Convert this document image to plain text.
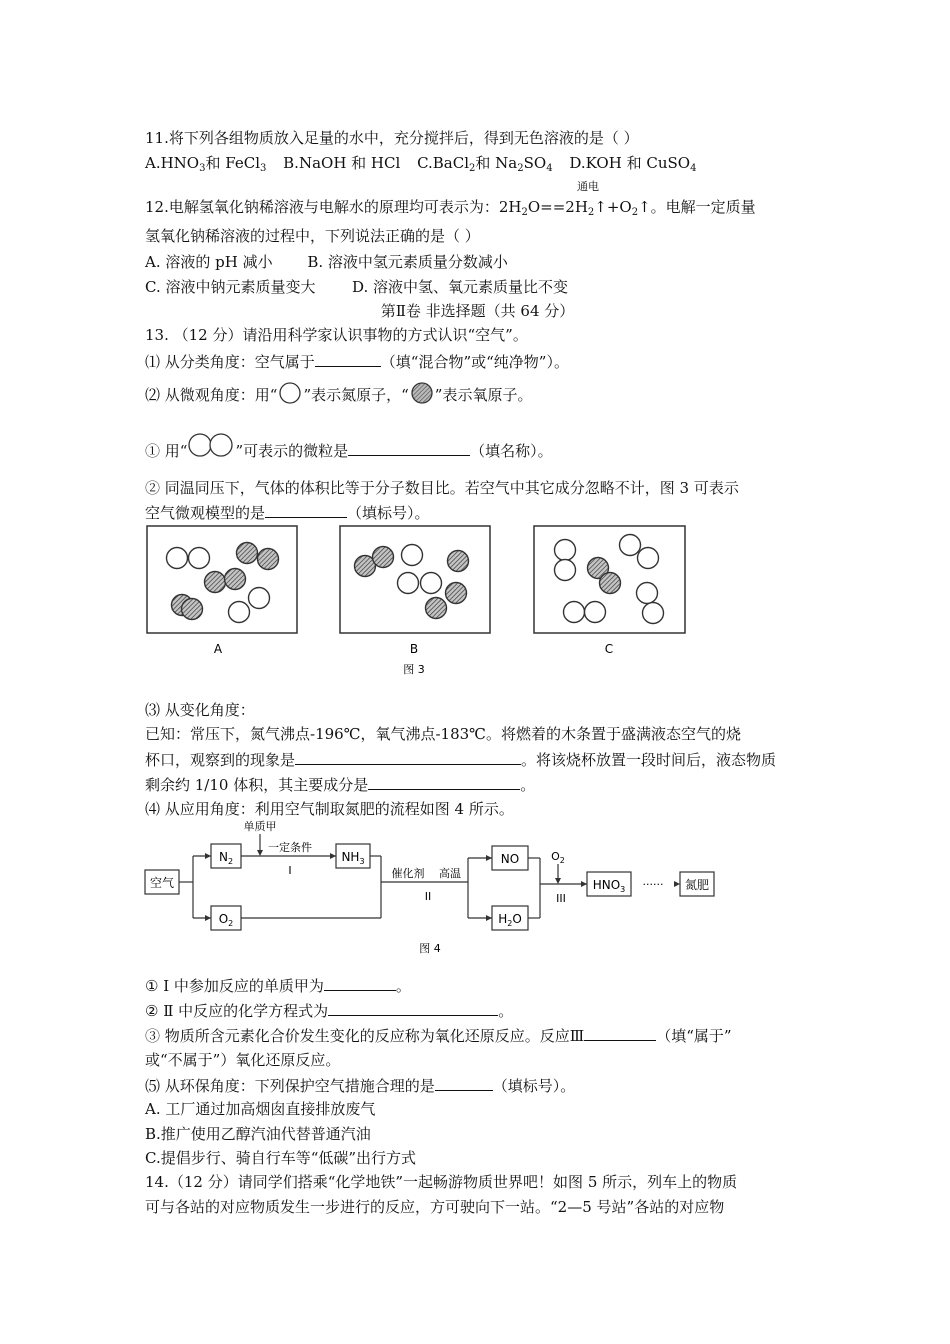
11.将下列各组物质放入足量的水中，充分搅拌后，得到无色溶液的是（ ）
$A.HNO_3$和 FeCl$_3$ B.NaOH 和 HCl C.BaCl$_2$和 $Na_2SO_4$ D.KOH 和 CuSO$_4$
通电
12.电解氢氧化钠稀溶液与电解水的原理均可表示为：$2H_2O==2H_2↑+O_2↑$。电解一定质量
氢氧化钠稀溶液的过程中，下列说法正确的是（ ）
A. 溶液的 pH 减小 B. 溶液中氢元素质量分数减小
C. 溶液中钠元素质量变大 D. 溶液中氢、氧元素质量比不变
第Ⅱ卷 非选择题（共 64 分）
13. （12 分）请沿用科学家认识事物的方式认识“空气”。
⑴ 从分类角度：空气属于	（填“混合物”或“纯净物”）。
⑵ 从微观角度：用“ ”表示氮原子，“ ”表示氧原子。
① 用“	”可表示的微粒是	（填名称）。
② 同温同压下，气体的体积比等于分子数目比。若空气中其它成分忽略不计，图 3 可表示
空气微观模型的是	（填标号）。
A	B	C
图 3
⑶ 从变化角度：
已知：常压下，氮气沸点-196℃，氧气沸点-183℃。将燃着的木条置于盛满液态空气的烧
杯口，观察到的现象是	。将该烧杯放置一段时间后，液态物质
剩余约 1/10 体积，其主要成分是	。
⑷ 从应用角度：利用空气制取氮肥的流程如图 4 所示。
空气
$N_2$	$NH_3$
$O_2$
NO
$H_2O$
$HNO_3$	氮肥
单质甲
一定条件
I	催化剂 高温
II
$O_2$
III
······
图 4
① Ⅰ 中参加反应的单质甲为	。
② Ⅱ 中反应的化学方程式为	。
③ 物质所含元素化合价发生变化的反应称为氧化还原反应。反应Ⅲ	（填“属于”
或“不属于”）氧化还原反应。
⑸ 从环保角度：下列保护空气措施合理的是	（填标号）。
A. 工厂通过加高烟囱直接排放废气
B.推广使用乙醇汽油代替普通汽油
C.提倡步行、骑自行车等“低碳”出行方式
14.（12 分）请同学们搭乘“化学地铁”一起畅游物质世界吧！如图 5 所示，列车上的物质
可与各站的对应物质发生一步进行的反应，方可驶向下一站。“2—5 号站”各站的对应物
